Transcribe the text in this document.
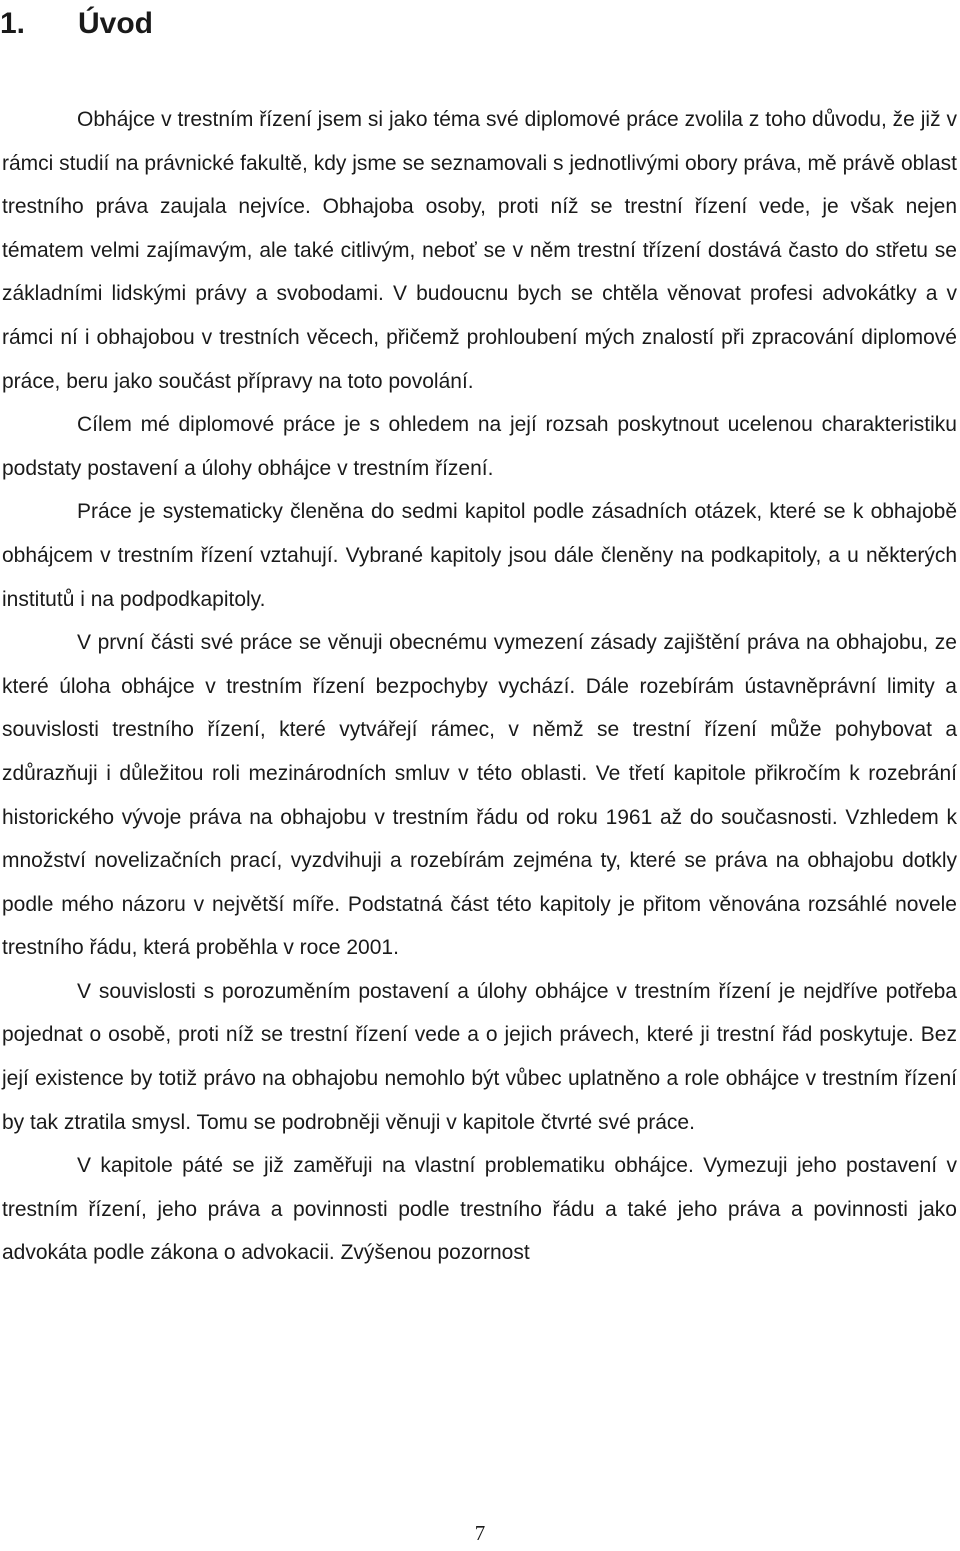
1. Úvod

Obhájce v trestním řízení jsem si jako téma své diplomové práce zvolila z toho důvodu, že již v rámci studií na právnické fakultě, kdy jsme se seznamovali s jednotlivými obory práva, mě právě oblast trestního práva zaujala nejvíce. Obhajoba osoby, proti níž se trestní řízení vede, je však nejen tématem velmi zajímavým, ale také citlivým, neboť se v něm trestní třízení dostává často do střetu se základními lidskými právy a svobodami. V budoucnu bych se chtěla věnovat profesi advokátky a v rámci ní i obhajobou v trestních věcech, přičemž prohloubení mých znalostí při zpracování diplomové práce, beru jako součást přípravy na toto povolání.

Cílem mé diplomové práce je s ohledem na její rozsah poskytnout ucelenou charakteristiku podstaty postavení a úlohy obhájce v trestním řízení.

Práce je systematicky členěna do sedmi kapitol podle zásadních otázek, které se k obhajobě obhájcem v trestním řízení vztahují. Vybrané kapitoly jsou dále členěny na podkapitoly, a u některých institutů i na podpodkapitoly.

V první části své práce se věnuji obecnému vymezení zásady zajištění práva na obhajobu, ze které úloha obhájce v trestním řízení bezpochyby vychází. Dále rozebírám ústavněprávní limity a souvislosti trestního řízení, které vytvářejí rámec, v němž se trestní řízení může pohybovat a zdůrazňuji i důležitou roli mezinárodních smluv v této oblasti. Ve třetí kapitole přikročím k rozebrání historického vývoje práva na obhajobu v trestním řádu od roku 1961 až do současnosti. Vzhledem k množství novelizačních prací, vyzdvihuji a rozebírám zejména ty, které se práva na obhajobu dotkly podle mého názoru v největší míře. Podstatná část této kapitoly je přitom věnována rozsáhlé novele trestního řádu, která proběhla v roce 2001.

V souvislosti s porozuměním postavení a úlohy obhájce v trestním řízení je nejdříve potřeba pojednat o osobě, proti níž se trestní řízení vede a o jejich právech, které ji trestní řád poskytuje. Bez její existence by totiž právo na obhajobu nemohlo být vůbec uplatněno a role obhájce v trestním řízení by tak ztratila smysl. Tomu se podrobněji věnuji v kapitole čtvrté své práce.

V kapitole páté se již zaměřuji na vlastní problematiku obhájce. Vymezuji jeho postavení v trestním řízení, jeho práva a povinnosti podle trestního řádu a také jeho práva a povinnosti jako advokáta podle zákona o advokacii. Zvýšenou pozornost

7
